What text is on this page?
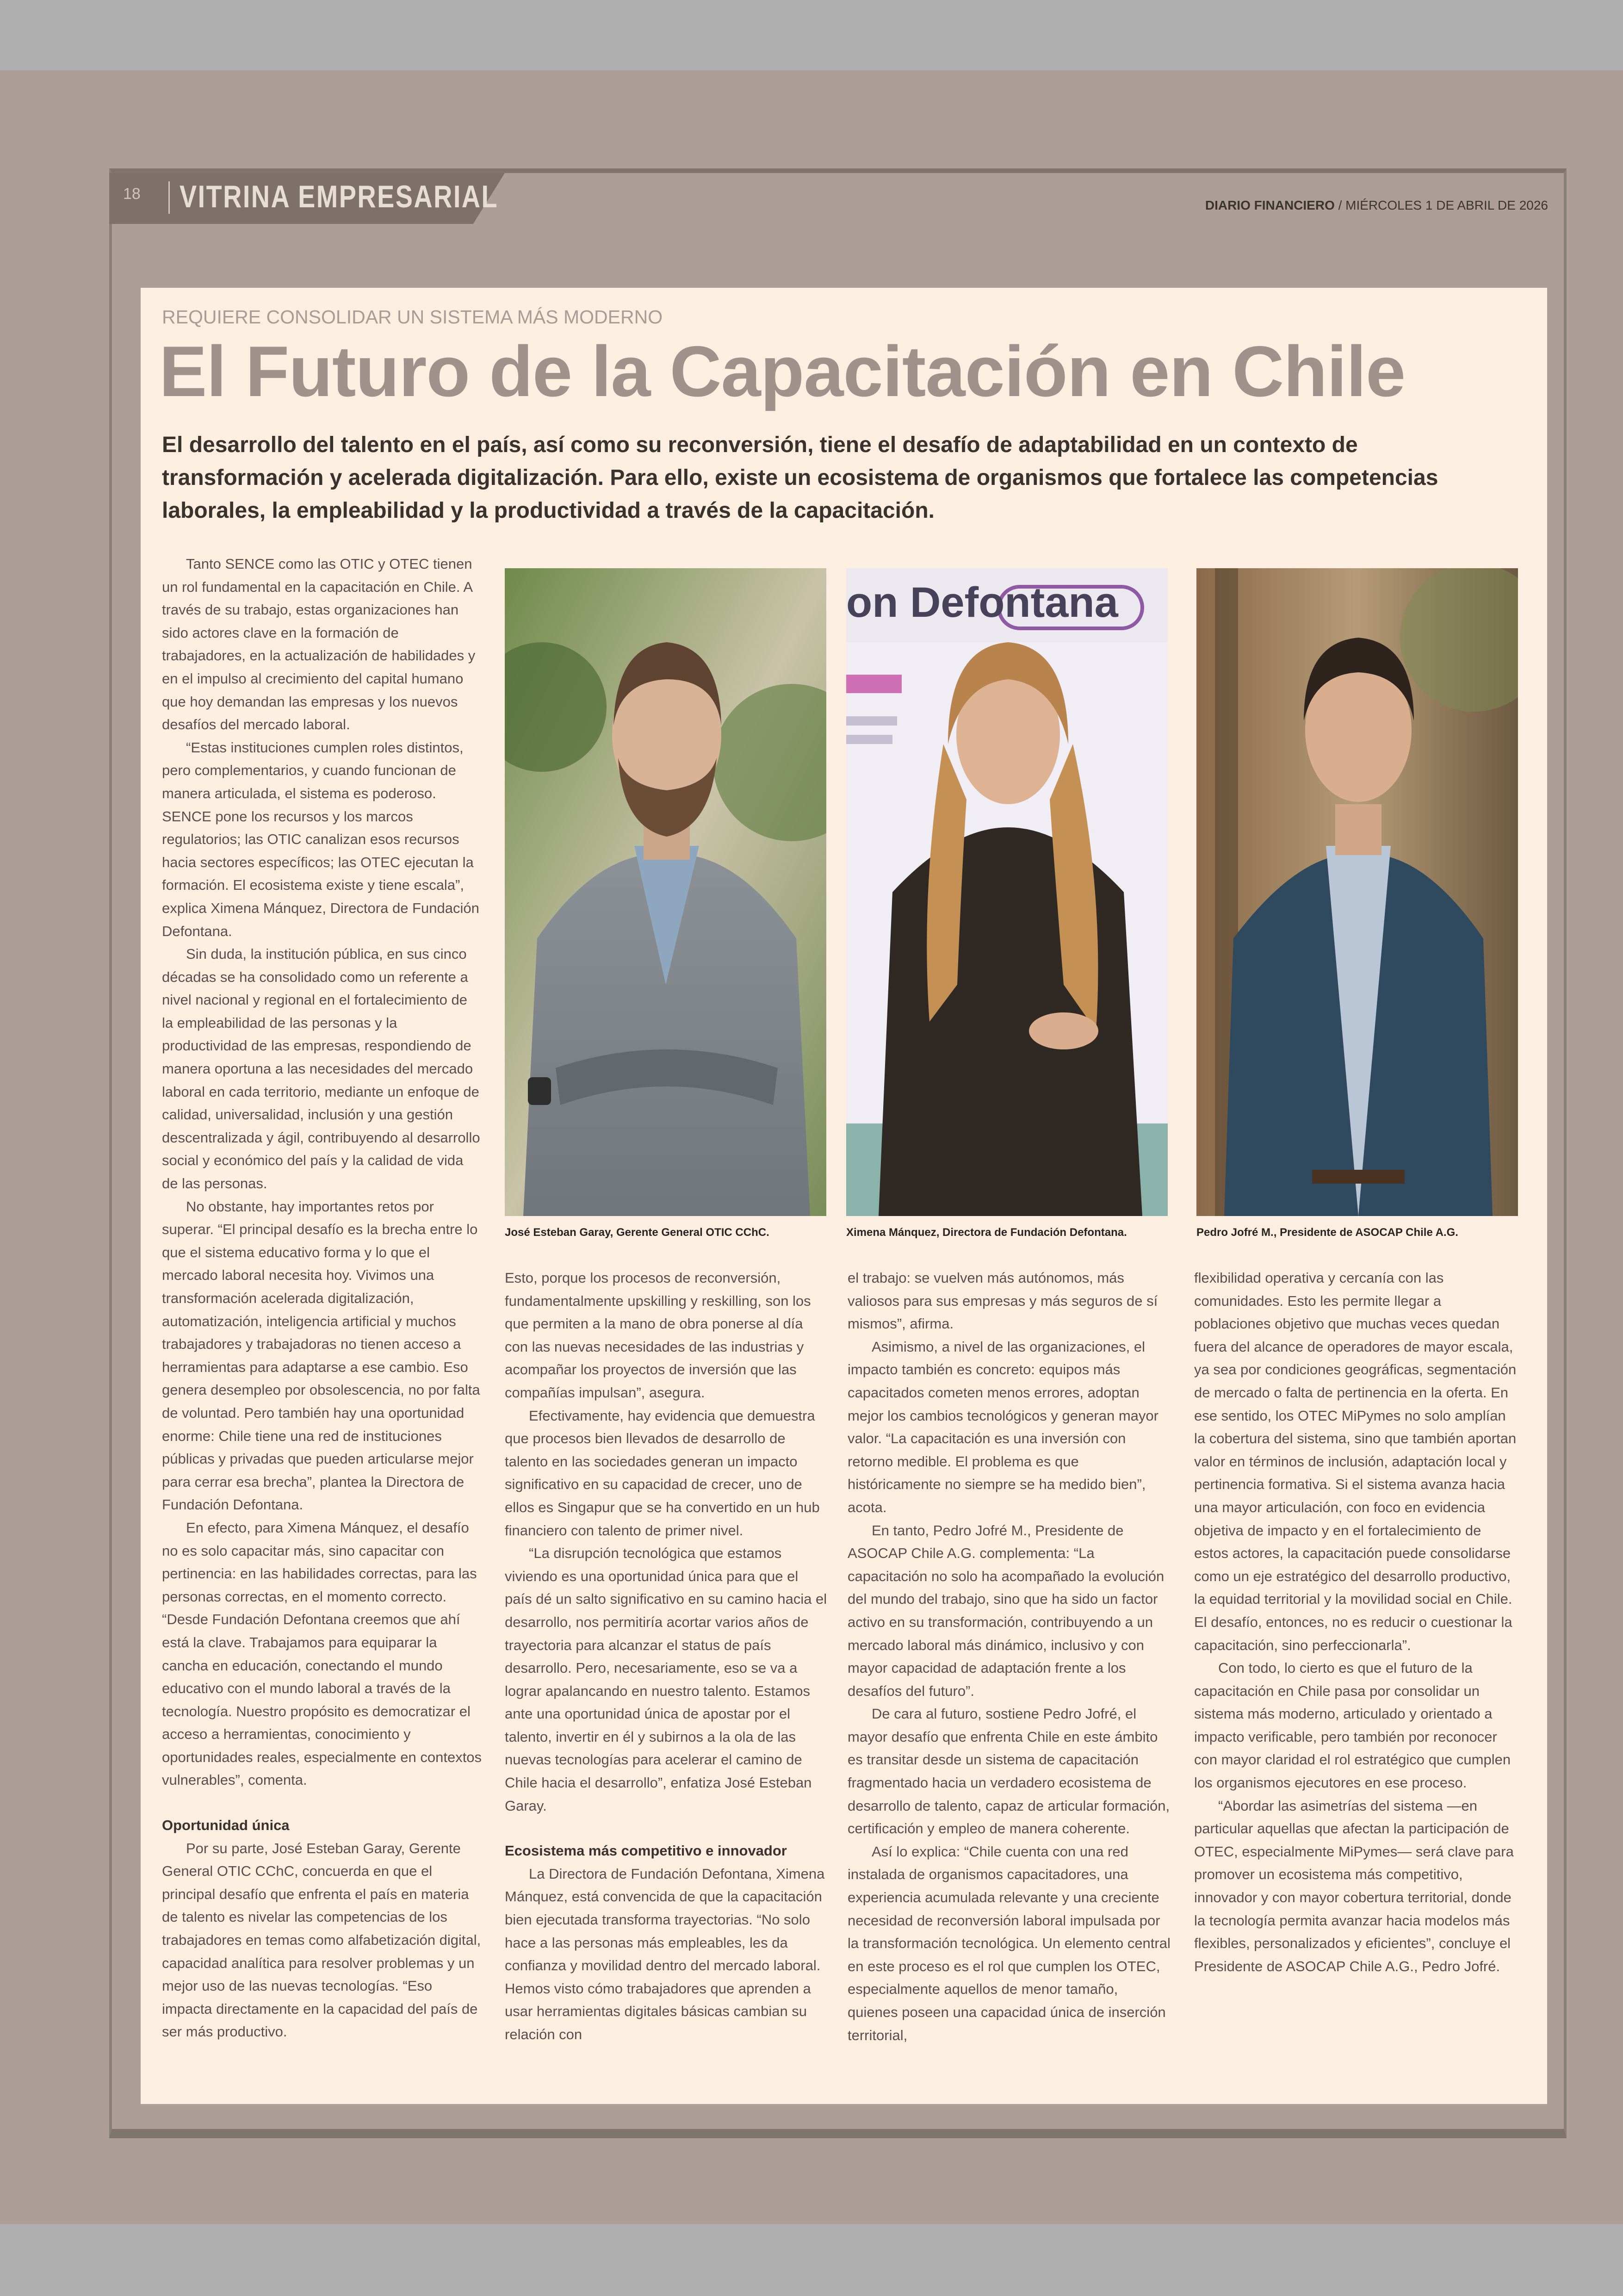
18 VITRINA EMPRESARIAL	DIARIO FINANCIERO / MIÉRCOLES 1 DE ABRIL DE 2026
REQUIERE CONSOLIDAR UN SISTEMA MÁS MODERNO
El Futuro de la Capacitación en Chile
El desarrollo del talento en el país, así como su reconversión, tiene el desafío de adaptabilidad en un contexto de transformación y acelerada digitalización. Para ello, existe un ecosistema de organismos que fortalece las competencias laborales, la empleabilidad y la productividad a través de la capacitación.

Tanto SENCE como las OTIC y OTEC tienen un rol fundamental en la capacitación en Chile. A través de su trabajo, estas organizaciones han sido actores clave en la formación de trabajadores, en la actualización de habilidades y en el impulso al crecimiento del capital humano que hoy demandan las empresas y los nuevos desafíos del mercado laboral.

“Estas instituciones cumplen roles distintos, pero complementarios, y cuando funcionan de manera articulada, el sistema es poderoso. SENCE pone los recursos y los marcos regulatorios; las OTIC canalizan esos recursos hacia sectores específicos; las OTEC ejecutan la formación. El ecosistema existe y tiene escala”, explica Ximena Mánquez, Directora de Fundación Defontana.

Sin duda, la institución pública, en sus cinco décadas se ha consolidado como un referente a nivel nacional y regional en el fortalecimiento de la empleabilidad de las personas y la productividad de las empresas, respondiendo de manera oportuna a las necesidades del mercado laboral en cada territorio, mediante un enfoque de calidad, universalidad, inclusión y una gestión descentralizada y ágil, contribuyendo al desarrollo social y económico del país y la calidad de vida de las personas.

No obstante, hay importantes retos por superar. “El principal desafío es la brecha entre lo que el sistema educativo forma y lo que el mercado laboral necesita hoy. Vivimos una transformación acelerada digitalización, automatización, inteligencia artificial y muchos trabajadores y trabajadoras no tienen acceso a herramientas para adaptarse a ese cambio. Eso genera desempleo por obsolescencia, no por falta de voluntad. Pero también hay una oportunidad enorme: Chile tiene una red de instituciones públicas y privadas que pueden articularse mejor para cerrar esa brecha”, plantea la Directora de Fundación Defontana.

En efecto, para Ximena Mánquez, el desafío no es solo capacitar más, sino capacitar con pertinencia: en las habilidades correctas, para las personas correctas, en el momento correcto. “Desde Fundación Defontana creemos que ahí está la clave. Trabajamos para equiparar la cancha en educación, conectando el mundo educativo con el mundo laboral a través de la tecnología. Nuestro propósito es democratizar el acceso a herramientas, conocimiento y oportunidades reales, especialmente en contextos vulnerables”, comenta.

Oportunidad única

Por su parte, José Esteban Garay, Gerente General OTIC CChC, concuerda en que el principal desafío que enfrenta el país en materia de talento es nivelar las competencias de los trabajadores en temas como alfabetización digital, capacidad analítica para resolver problemas y un mejor uso de las nuevas tecnologías. “Eso impacta directamente en la capacidad del país de ser más productivo.

on Defontana
José Esteban Garay, Gerente General OTIC CChC.	Ximena Mánquez, Directora de Fundación Defontana.	Pedro Jofré M., Presidente de ASOCAP Chile A.G.

Esto, porque los procesos de reconversión, fundamentalmente upskilling y reskilling, son los que permiten a la mano de obra ponerse al día con las nuevas necesidades de las industrias y acompañar los proyectos de inversión que las compañías impulsan”, asegura.

Efectivamente, hay evidencia que demuestra que procesos bien llevados de desarrollo de talento en las sociedades generan un impacto significativo en su capacidad de crecer, uno de ellos es Singapur que se ha convertido en un hub financiero con talento de primer nivel.

“La disrupción tecnológica que estamos viviendo es una oportunidad única para que el país dé un salto significativo en su camino hacia el desarrollo, nos permitiría acortar varios años de trayectoria para alcanzar el status de país desarrollo. Pero, necesariamente, eso se va a lograr apalancando en nuestro talento. Estamos ante una oportunidad única de apostar por el talento, invertir en él y subirnos a la ola de las nuevas tecnologías para acelerar el camino de Chile hacia el desarrollo”, enfatiza José Esteban Garay.

Ecosistema más competitivo e innovador

La Directora de Fundación Defontana, Ximena Mánquez, está convencida de que la capacitación bien ejecutada transforma trayectorias. “No solo hace a las personas más empleables, les da confianza y movilidad dentro del mercado laboral. Hemos visto cómo trabajadores que aprenden a usar herramientas digitales básicas cambian su relación con

el trabajo: se vuelven más autónomos, más valiosos para sus empresas y más seguros de sí mismos”, afirma.

Asimismo, a nivel de las organizaciones, el impacto también es concreto: equipos más capacitados cometen menos errores, adoptan mejor los cambios tecnológicos y generan mayor valor. “La capacitación es una inversión con retorno medible. El problema es que históricamente no siempre se ha medido bien”, acota.

En tanto, Pedro Jofré M., Presidente de ASOCAP Chile A.G. complementa: “La capacitación no solo ha acompañado la evolución del mundo del trabajo, sino que ha sido un factor activo en su transformación, contribuyendo a un mercado laboral más dinámico, inclusivo y con mayor capacidad de adaptación frente a los desafíos del futuro”.

De cara al futuro, sostiene Pedro Jofré, el mayor desafío que enfrenta Chile en este ámbito es transitar desde un sistema de capacitación fragmentado hacia un verdadero ecosistema de desarrollo de talento, capaz de articular formación, certificación y empleo de manera coherente.

Así lo explica: “Chile cuenta con una red instalada de organismos capacitadores, una experiencia acumulada relevante y una creciente necesidad de reconversión laboral impulsada por la transformación tecnológica. Un elemento central en este proceso es el rol que cumplen los OTEC, especialmente aquellos de menor tamaño, quienes poseen una capacidad única de inserción territorial,

flexibilidad operativa y cercanía con las comunidades. Esto les permite llegar a poblaciones objetivo que muchas veces quedan fuera del alcance de operadores de mayor escala, ya sea por condiciones geográficas, segmentación de mercado o falta de pertinencia en la oferta. En ese sentido, los OTEC MiPymes no solo amplían la cobertura del sistema, sino que también aportan valor en términos de inclusión, adaptación local y pertinencia formativa. Si el sistema avanza hacia una mayor articulación, con foco en evidencia objetiva de impacto y en el fortalecimiento de estos actores, la capacitación puede consolidarse como un eje estratégico del desarrollo productivo, la equidad territorial y la movilidad social en Chile. El desafío, entonces, no es reducir o cuestionar la capacitación, sino perfeccionarla”.

Con todo, lo cierto es que el futuro de la capacitación en Chile pasa por consolidar un sistema más moderno, articulado y orientado a impacto verificable, pero también por reconocer con mayor claridad el rol estratégico que cumplen los organismos ejecutores en ese proceso.

“Abordar las asimetrías del sistema —en particular aquellas que afectan la participación de OTEC, especialmente MiPymes— será clave para promover un ecosistema más competitivo, innovador y con mayor cobertura territorial, donde la tecnología permita avanzar hacia modelos más flexibles, personalizados y eficientes”, concluye el Presidente de ASOCAP Chile A.G., Pedro Jofré.
